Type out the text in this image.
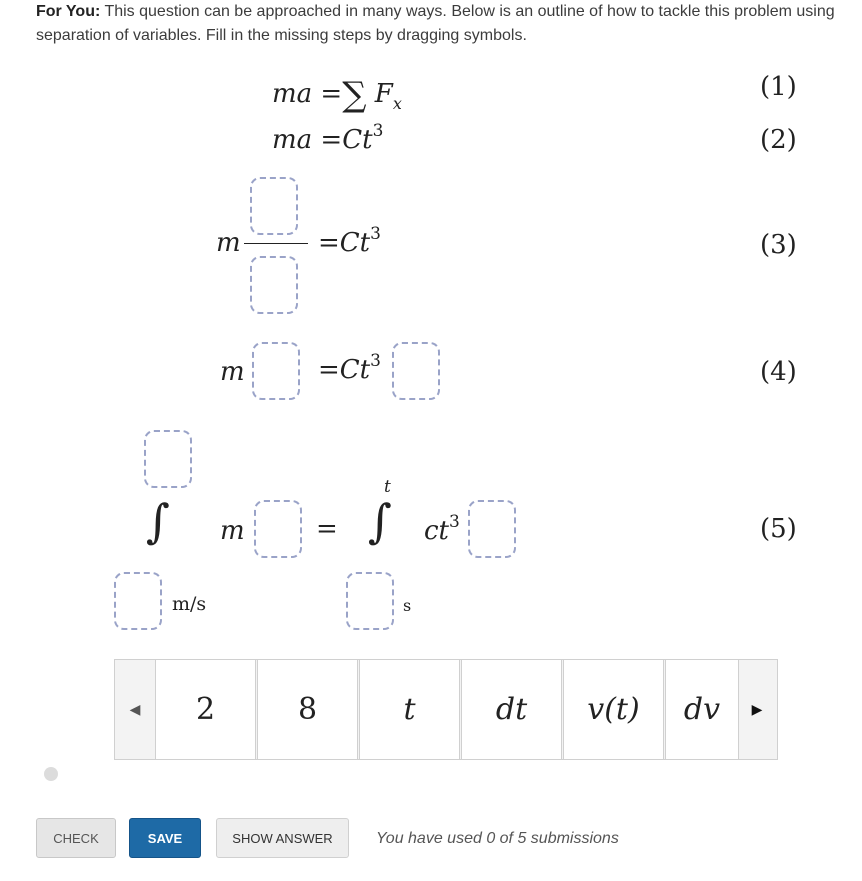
For You: This question can be approached in many ways. Below is an outline of how to tackle this problem using separation of variables. Fill in the missing steps by dragging symbols.
ma =∑ $F_x$
(1)
ma $=Ct^3$	(2)
m	$=Ct^3$	(3)
m	$=Ct^3$	(4)
∫
m/s
m	=
t
∫
s
$ct^3$	(5)
◀	2	8	t	dt	v(t)	dv	▶
CHECK	SAVE	SHOW ANSWER	You have used 0 of 5 submissions
